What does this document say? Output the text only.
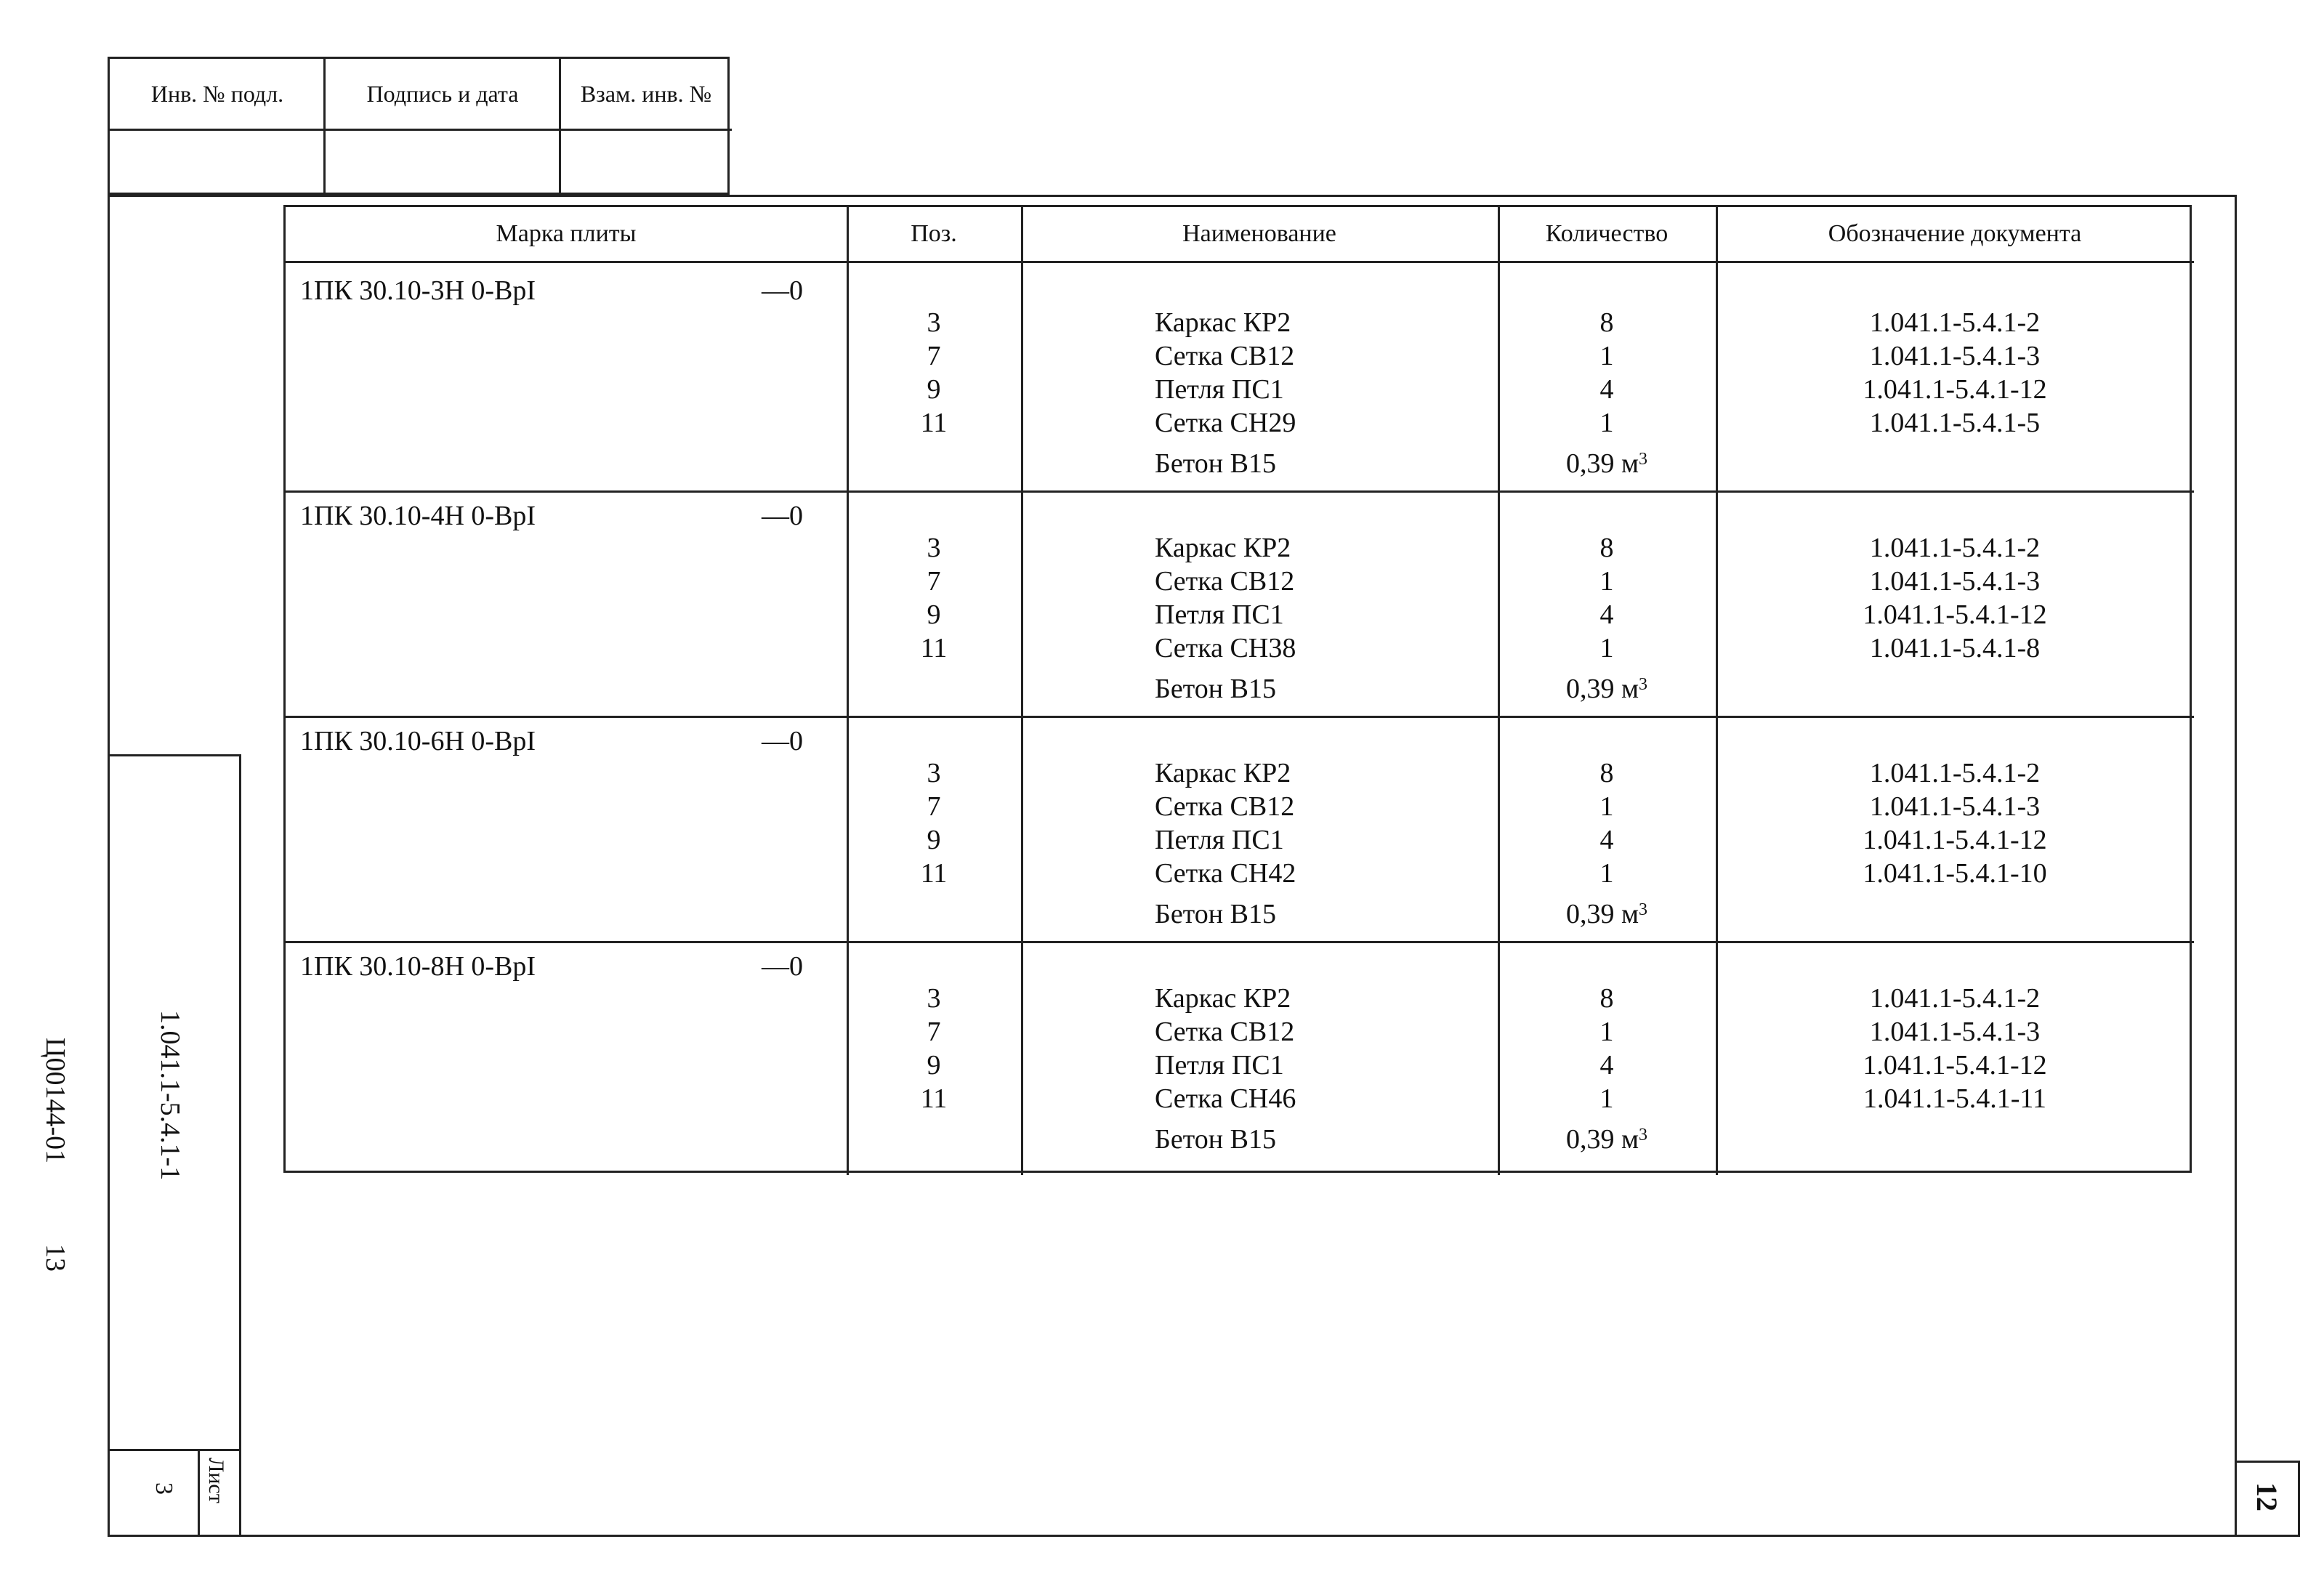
Инв. № подл.	Подпись и дата	Взам. инв. №
1.041.1-5.4.1-1
Лист
3
Ц00144-01
13
12
Марка плиты	Поз.	Наименование	Количество	Обозначение документа
1ПК 30.10-3Н 0-ВрI	—0
3	Каркас КР2	8	1.041.1-5.4.1-2
7	Сетка СВ12	1	1.041.1-5.4.1-3
9	Петля ПС1	4	1.041.1-5.4.1-12
11	Сетка СН29	1	1.041.1-5.4.1-5
Бетон В15	0,39 $м^3$
1ПК 30.10-4Н 0-ВрI	—0
3	Каркас КР2	8	1.041.1-5.4.1-2
7	Сетка СВ12	1	1.041.1-5.4.1-3
9	Петля ПС1	4	1.041.1-5.4.1-12
11	Сетка СН38	1	1.041.1-5.4.1-8
Бетон В15	0,39 $м^3$
1ПК 30.10-6Н 0-ВрI	—0
3	Каркас КР2	8	1.041.1-5.4.1-2
7	Сетка СВ12	1	1.041.1-5.4.1-3
9	Петля ПС1	4	1.041.1-5.4.1-12
11	Сетка СН42	1	1.041.1-5.4.1-10
Бетон В15	0,39 $м^3$
1ПК 30.10-8Н 0-ВрI	—0
3	Каркас КР2	8	1.041.1-5.4.1-2
7	Сетка СВ12	1	1.041.1-5.4.1-3
9	Петля ПС1	4	1.041.1-5.4.1-12
11	Сетка СН46	1	1.041.1-5.4.1-11
Бетон В15	0,39 $м^3$
